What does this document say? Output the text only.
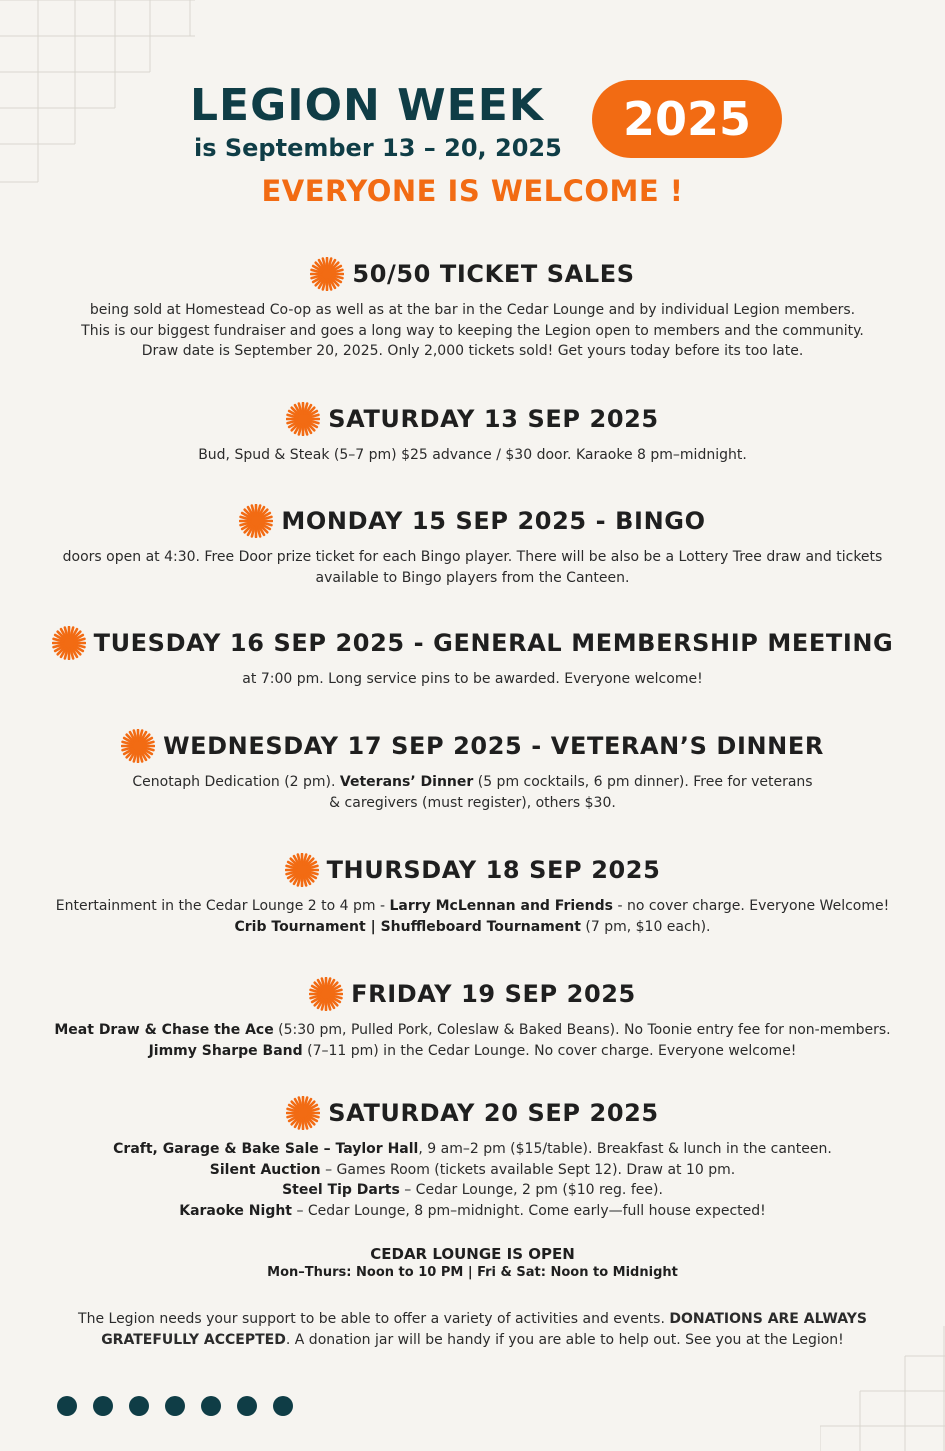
LEGION WEEK
is September 13 – 20, 2025
2025
EVERYONE IS WELCOME !
50/50 TICKET SALES
being sold at Homestead Co-op as well as at the bar in the Cedar Lounge and by individual Legion members.
This is our biggest fundraiser and goes a long way to keeping the Legion open to members and the community.
Draw date is September 20, 2025. Only 2,000 tickets sold! Get yours today before its too late.
SATURDAY 13 SEP 2025
Bud, Spud & Steak (5–7 pm) $25 advance / $30 door. Karaoke 8 pm–midnight.
MONDAY 15 SEP 2025 - BINGO
doors open at 4:30. Free Door prize ticket for each Bingo player. There will be also be a Lottery Tree draw and tickets
available to Bingo players from the Canteen.
TUESDAY 16 SEP 2025 - GENERAL MEMBERSHIP MEETING
at 7:00 pm. Long service pins to be awarded. Everyone welcome!
WEDNESDAY 17 SEP 2025 - VETERAN’S DINNER
Cenotaph Dedication (2 pm). Veterans’ Dinner (5 pm cocktails, 6 pm dinner). Free for veterans
& caregivers (must register), others $30.
THURSDAY 18 SEP 2025
Entertainment in the Cedar Lounge 2 to 4 pm - Larry McLennan and Friends - no cover charge. Everyone Welcome!
Crib Tournament | Shuffleboard Tournament (7 pm, $10 each).
FRIDAY 19 SEP 2025
Meat Draw & Chase the Ace (5:30 pm, Pulled Pork, Coleslaw & Baked Beans). No Toonie entry fee for non-members.
Jimmy Sharpe Band (7–11 pm) in the Cedar Lounge. No cover charge. Everyone welcome!
SATURDAY 20 SEP 2025
Craft, Garage & Bake Sale – Taylor Hall, 9 am–2 pm ($15/table). Breakfast & lunch in the canteen.
Silent Auction – Games Room (tickets available Sept 12). Draw at 10 pm.
Steel Tip Darts – Cedar Lounge, 2 pm ($10 reg. fee).
Karaoke Night – Cedar Lounge, 8 pm–midnight. Come early—full house expected!
CEDAR LOUNGE IS OPEN
Mon–Thurs: Noon to 10 PM | Fri & Sat: Noon to Midnight
The Legion needs your support to be able to offer a variety of activities and events. DONATIONS ARE ALWAYS
GRATEFULLY ACCEPTED. A donation jar will be handy if you are able to help out. See you at the Legion!
